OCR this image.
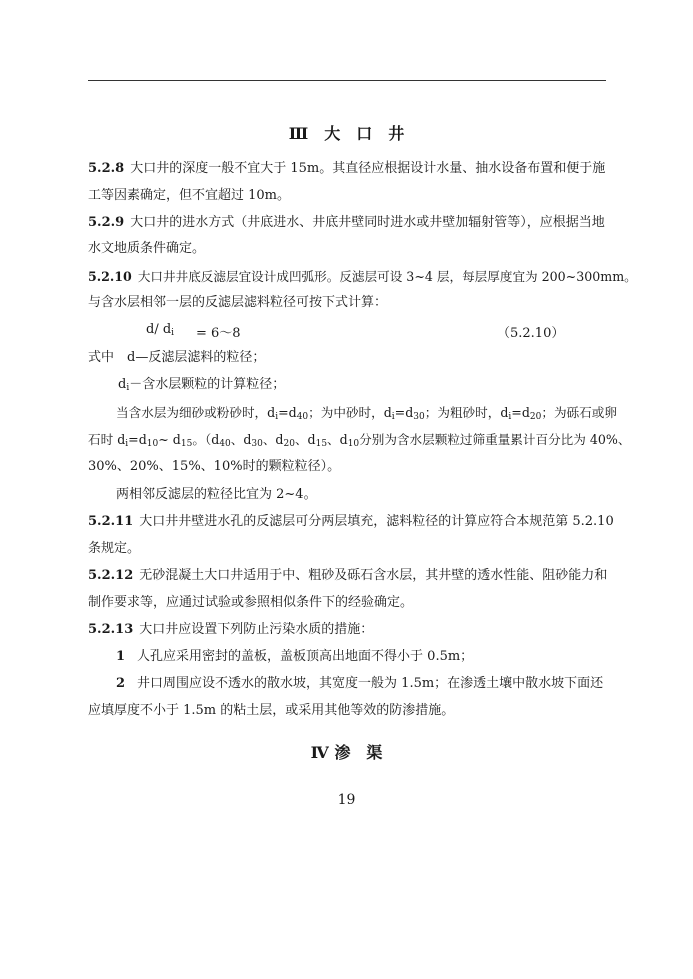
Ⅲ　大　口　井
5.2.8 大口井的深度一般不宜大于 15m。其直径应根据设计水量、抽水设备布置和便于施
工等因素确定，但不宜超过 10m。
5.2.9 大口井的进水方式（井底进水、井底井壁同时进水或井壁加辐射管等），应根据当地
水文地质条件确定。
5.2.10 大口井井底反滤层宜设计成凹弧形。反滤层可设 3~4 层，每层厚度宜为 200~300mm。
与含水层相邻一层的反滤层滤料粒径可按下式计算：
d/ $d_i$ = 6～8	（5.2.10）
式中　d—反滤层滤料的粒径；
$d_i-$含水层颗粒的计算粒径；
当含水层为细砂或粉砂时，$d_i=d_{40}$；为中砂时，$d_i=d_{30}$；为粗砂时，$d_i=d_{20}$；为砾石或卵
石时 $d_i=d_{10}\sim$ $d_{15}$。（$d_{40}$、$d_{30}$、$d_{20}$、$d_{15}$、$d_{10}$分别为含水层颗粒过筛重量累计百分比为 40%、
30%、20%、15%、10%时的颗粒粒径）。
两相邻反滤层的粒径比宜为 2~4。
5.2.11 大口井井壁进水孔的反滤层可分两层填充，滤料粒径的计算应符合本规范第 5.2.10
条规定。
5.2.12 无砂混凝土大口井适用于中、粗砂及砾石含水层，其井壁的透水性能、阻砂能力和
制作要求等，应通过试验或参照相似条件下的经验确定。
5.2.13 大口井应设置下列防止污染水质的措施：
1 人孔应采用密封的盖板，盖板顶高出地面不得小于 0.5m；
2 井口周围应设不透水的散水坡，其宽度一般为 1.5m；在渗透土壤中散水坡下面还
应填厚度不小于 1.5m 的粘土层，或采用其他等效的防渗措施。
Ⅳ 渗　渠
19
